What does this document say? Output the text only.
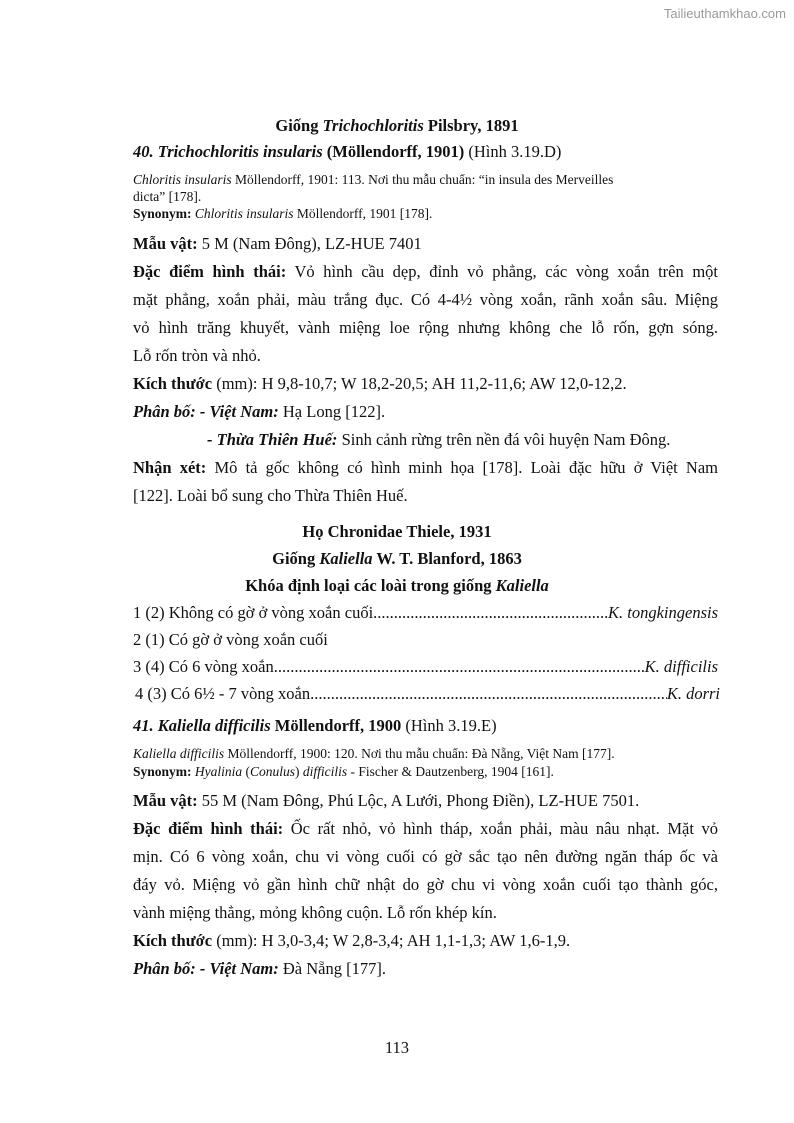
Tailieuthamkhao.com
Giống Trichochloritis Pilsbry, 1891
40. Trichochloritis insularis (Möllendorff, 1901) (Hình 3.19.D)
Chloritis insularis Möllendorff, 1901: 113. Nơi thu mẫu chuẩn: “in insula des Merveilles
dicta” [178].
Synonym: Chloritis insularis Möllendorff, 1901 [178].
Mẫu vật: 5 M (Nam Đông), LZ-HUE 7401
Đặc điểm hình thái: Vỏ hình cầu dẹp, đỉnh vỏ phẳng, các vòng xoắn trên một
mặt phẳng, xoắn phải, màu trắng đục. Có 4-4½ vòng xoắn, rãnh xoắn sâu. Miệng
vỏ hình trăng khuyết, vành miệng loe rộng nhưng không che lỗ rốn, gợn sóng.
Lỗ rốn tròn và nhỏ.
Kích thước (mm): H 9,8-10,7; W 18,2-20,5; AH 11,2-11,6; AW 12,0-12,2.
Phân bố: - Việt Nam: Hạ Long [122].
- Thừa Thiên Huế: Sinh cảnh rừng trên nền đá vôi huyện Nam Đông.
Nhận xét: Mô tả gốc không có hình minh họa [178]. Loài đặc hữu ở Việt Nam
[122]. Loài bổ sung cho Thừa Thiên Huế.
Họ Chronidae Thiele, 1931
Giống Kaliella W. T. Blanford, 1863
Khóa định loại các loài trong giống Kaliella
1 (2) Không có gờ ở vòng xoắn cuối .....	K. tongkingensis
2 (1) Có gờ ở vòng xoắn cuối
3 (4) Có 6 vòng xoắn .....	K. difficilis
4 (3) Có 6½ - 7 vòng xoắn .....	K. dorri
41. Kaliella difficilis Möllendorff, 1900 (Hình 3.19.E)
Kaliella difficilis Möllendorff, 1900: 120. Nơi thu mẫu chuẩn: Đà Nẵng, Việt Nam [177].
Synonym: Hyalinia (Conulus) difficilis - Fischer & Dautzenberg, 1904 [161].
Mẫu vật: 55 M (Nam Đông, Phú Lộc, A Lưới, Phong Điền), LZ-HUE 7501.
Đặc điểm hình thái: Ốc rất nhỏ, vỏ hình tháp, xoắn phải, màu nâu nhạt. Mặt vỏ
mịn. Có 6 vòng xoắn, chu vi vòng cuối có gờ sắc tạo nên đường ngăn tháp ốc và
đáy vỏ. Miệng vỏ gần hình chữ nhật do gờ chu vi vòng xoắn cuối tạo thành góc,
vành miệng thẳng, mỏng không cuộn. Lỗ rốn khép kín.
Kích thước (mm): H 3,0-3,4; W 2,8-3,4; AH 1,1-1,3; AW 1,6-1,9.
Phân bố: - Việt Nam: Đà Nẵng [177].
113
